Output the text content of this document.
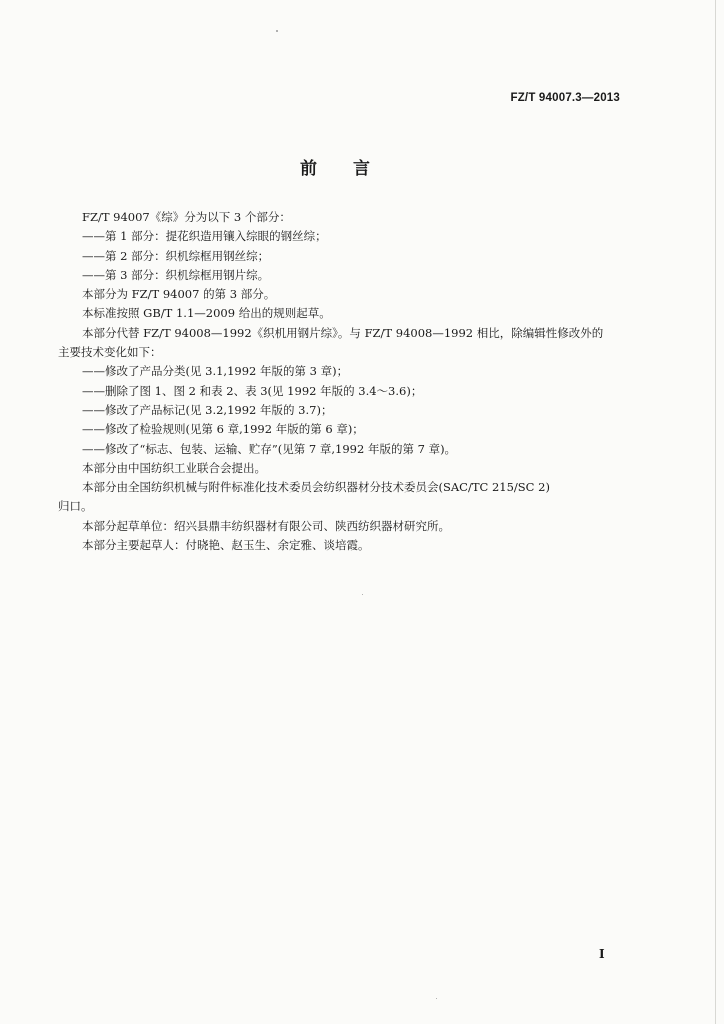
FZ/T 94007.3—2013
前言
FZ/T 94007《综》分为以下 3 个部分：
——第 1 部分：提花织造用镶入综眼的钢丝综；
——第 2 部分：织机综框用钢丝综；
——第 3 部分：织机综框用钢片综。
本部分为 FZ/T 94007 的第 3 部分。
本标准按照 GB/T 1.1—2009 给出的规则起草。
本部分代替 FZ/T 94008—1992《织机用钢片综》。与 FZ/T 94008—1992 相比，除编辑性修改外的
主要技术变化如下：
——修改了产品分类(见 3.1,1992 年版的第 3 章)；
——删除了图 1、图 2 和表 2、表 3(见 1992 年版的 3.4～3.6)；
——修改了产品标记(见 3.2,1992 年版的 3.7)；
——修改了检验规则(见第 6 章,1992 年版的第 6 章)；
——修改了“标志、包装、运输、贮存”(见第 7 章,1992 年版的第 7 章)。
本部分由中国纺织工业联合会提出。
本部分由全国纺织机械与附件标准化技术委员会纺织器材分技术委员会(SAC/TC 215/SC 2)
归口。
本部分起草单位：绍兴县鼎丰纺织器材有限公司、陕西纺织器材研究所。
本部分主要起草人：付晓艳、赵玉生、余定雅、谈培霞。
I
